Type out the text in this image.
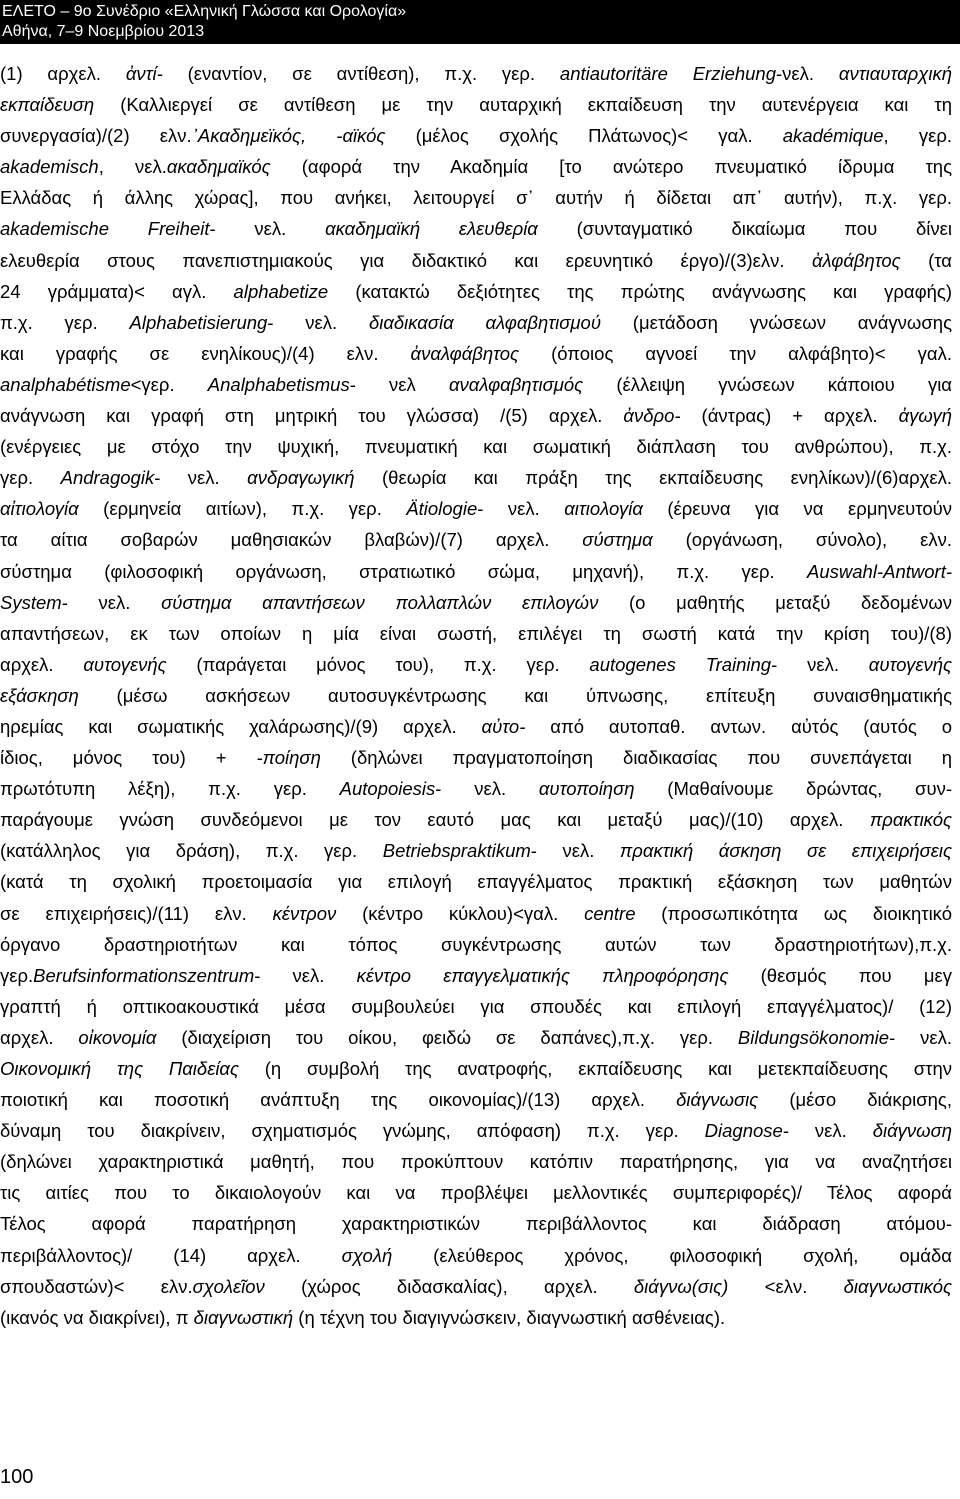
ΕΛΕΤΟ – 9ο Συνέδριο «Ελληνική Γλώσσα και Ορολογία»
Αθήνα, 7–9 Νοεμβρίου 2013
(1) αρχελ. ἀντί- (εναντίον, σε αντίθεση), π.χ. γερ. antiautoritäre Erziehung-νελ. αντιαυταρχική
εκπαίδευση (Καλλιεργεί σε αντίθεση με την αυταρχική εκπαίδευση την αυτενέργεια και τη
συνεργασία)/(2) ελν.᾽Ακαδημεϊκός, -αϊκός (μέλος σχολής Πλάτωνος)< γαλ. akadémique, γερ.
akademisch, νελ.ακαδημαϊκός (αφορά την Ακαδημία [το ανώτερο πνευματικό ίδρυμα της
Ελλάδας ή άλλης χώρας], που ανήκει, λειτουργεί σ᾽ αυτήν ή δίδεται απ᾽ αυτήν), π.χ. γερ.
akademische Freiheit- νελ. ακαδημαϊκή ελευθερία (συνταγματικό δικαίωμα που δίνει
ελευθερία στους πανεπιστημιακούς για διδακτικό και ερευνητικό έργο)/(3)ελν. ἀλφάβητος (τα
24 γράμματα)< αγλ. alphabetize (κατακτώ δεξιότητες της πρώτης ανάγνωσης και γραφής)
π.χ. γερ. Alphabetisierung- νελ. διαδικασία αλφαβητισμού (μετάδοση γνώσεων ανάγνωσης
και γραφής σε ενηλίκους)/(4) ελν. ἀναλφάβητος (όποιος αγνοεί την αλφάβητο)< γαλ.
analphabétisme<γερ. Analphabetismus- νελ αναλφαβητισμός (έλλειψη γνώσεων κάποιου για
ανάγνωση και γραφή στη μητρική του γλώσσα) /(5) αρχελ. ἀνδρο- (άντρας) + αρχελ. ἀγωγή
(ενέργειες με στόχο την ψυχική, πνευματική και σωματική διάπλαση του ανθρώπου), π.χ.
γερ. Andragogik- νελ. ανδραγωγική (θεωρία και πράξη της εκπαίδευσης ενηλίκων)/(6)αρχελ.
αἰτιολογία (ερμηνεία αιτίων), π.χ. γερ. Ätiologie- νελ. αιτιολογία (έρευνα για να ερμηνευτούν
τα αίτια σοβαρών μαθησιακών βλαβών)/(7) αρχελ. σύστημα (οργάνωση, σύνολο), ελν.
σύστημα (φιλοσοφική οργάνωση, στρατιωτικό σώμα, μηχανή), π.χ. γερ. Auswahl-Antwort-
System- νελ. σύστημα απαντήσεων πολλαπλών επιλογών (ο μαθητής μεταξύ δεδομένων
απαντήσεων, εκ των οποίων η μία είναι σωστή, επιλέγει τη σωστή κατά την κρίση του)/(8)
αρχελ. αυτογενής (παράγεται μόνος του), π.χ. γερ. autogenes Training- νελ. αυτογενής
εξάσκηση (μέσω ασκήσεων αυτοσυγκέντρωσης και ύπνωσης, επίτευξη συναισθηματικής
ηρεμίας και σωματικής χαλάρωσης)/(9) αρχελ. αὐτο- από αυτοπαθ. αντων. αὐτός (αυτός ο
ίδιος, μόνος του) + -ποίηση (δηλώνει πραγματοποίηση διαδικασίας που συνεπάγεται η
πρωτότυπη λέξη), π.χ. γερ. Autopoiesis- νελ. αυτοποίηση (Μαθαίνουμε δρώντας, συν-
παράγουμε γνώση συνδεόμενοι με τον εαυτό μας και μεταξύ μας)/(10) αρχελ. πρακτικός
(κατάλληλος για δράση), π.χ. γερ. Betriebspraktikum- νελ. πρακτική άσκηση σε επιχειρήσεις
(κατά τη σχολική προετοιμασία για επιλογή επαγγέλματος πρακτική εξάσκηση των μαθητών
σε επιχειρήσεις)/(11) ελν. κέντρον (κέντρο κύκλου)<γαλ. centre (προσωπικότητα ως διοικητικό
όργανο δραστηριοτήτων και τόπος συγκέντρωσης αυτών των δραστηριοτήτων),π.χ.
γερ.Berufsinformationszentrum- νελ. κέντρο επαγγελματικής πληροφόρησης (θεσμός που μεγ
γραπτή ή οπτικοακουστικά μέσα συμβουλεύει για σπουδές και επιλογή επαγγέλματος)/ (12)
αρχελ. οἰκονομία (διαχείριση του οίκου, φειδώ σε δαπάνες),π.χ. γερ. Bildungsökonomie- νελ.
Οικονομική της Παιδείας (η συμβολή της ανατροφής, εκπαίδευσης και μετεκπαίδευσης στην
ποιοτική και ποσοτική ανάπτυξη της οικονομίας)/(13) αρχελ. διάγνωσις (μέσο διάκρισης,
δύναμη του διακρίνειν, σχηματισμός γνώμης, απόφαση) π.χ. γερ. Diagnose- νελ. διάγνωση
(δηλώνει χαρακτηριστικά μαθητή, που προκύπτουν κατόπιν παρατήρησης, για να αναζητήσει
τις αιτίες που το δικαιολογούν και να προβλέψει μελλοντικές συμπεριφορές)/ Τέλος αφορά
Τέλος αφορά παρατήρηση χαρακτηριστικών περιβάλλοντος και διάδραση ατόμου-
περιβάλλοντος)/ (14) αρχελ. σχολή (ελεύθερος χρόνος, φιλοσοφική σχολή, ομάδα
σπουδαστών)< ελν.σχολεῖον (χώρος διδασκαλίας), αρχελ. διάγνω(σις) <ελν. διαγνωστικός
(ικανός να διακρίνει), π διαγνωστική (η τέχνη του διαγιγνώσκειν, διαγνωστική ασθένειας).
100
